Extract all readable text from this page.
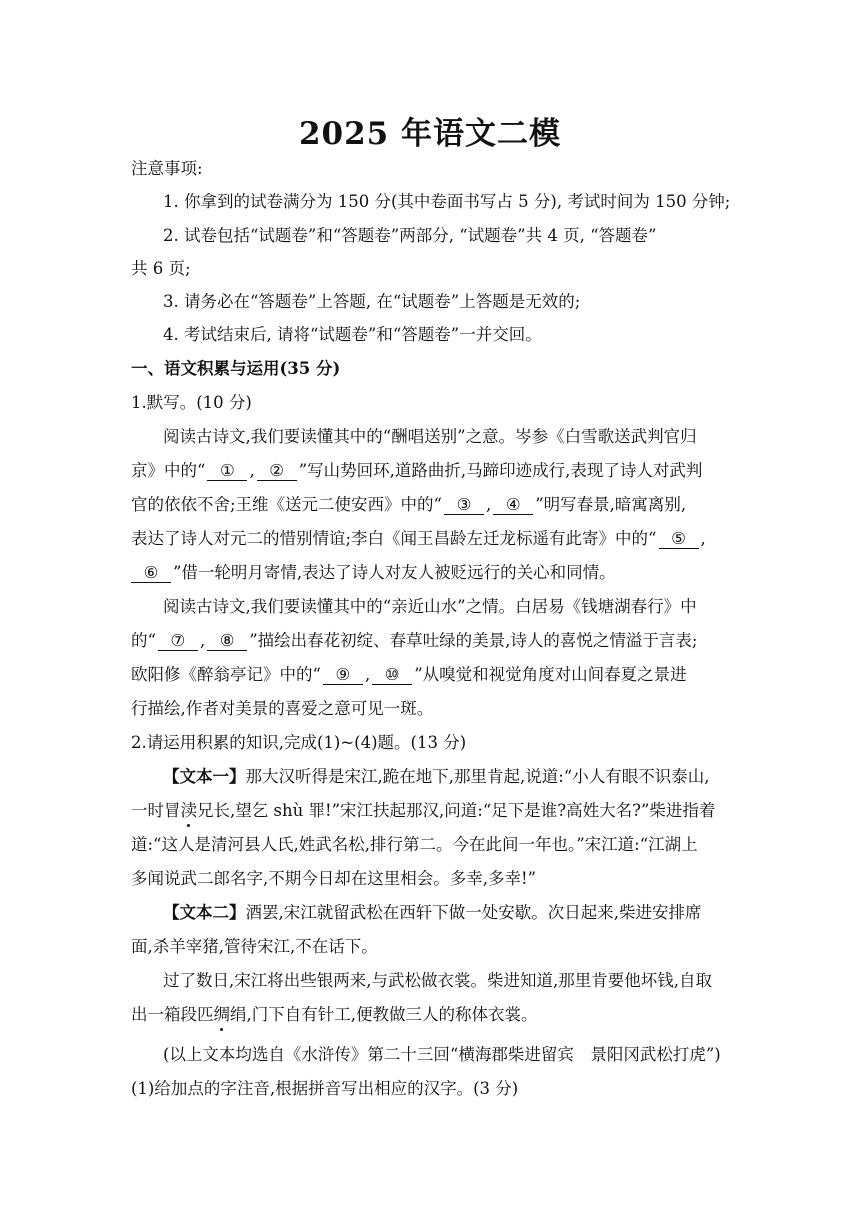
2025 年语文二模
注意事项:
1. 你拿到的试卷满分为 150 分(其中卷面书写占 5 分), 考试时间为 150 分钟;
2. 试卷包括“试题卷”和“答题卷”两部分, “试题卷”共 4 页, “答题卷”
共 6 页;
3. 请务必在“答题卷”上答题, 在“试题卷”上答题是无效的;
4. 考试结束后, 请将“试题卷”和“答题卷”一并交回。
一、语文积累与运用(35 分)
1.默写。(10 分)
阅读古诗文,我们要读懂其中的“酬唱送别”之意。岑参《白雪歌送武判官归
京》中的“ ① , ② ”写山势回环,道路曲折,马蹄印迹成行,表现了诗人对武判
官的依依不舍;王维《送元二使安西》中的“ ③ , ④ ”明写春景,暗寓离别,
表达了诗人对元二的惜别情谊;李白《闻王昌龄左迁龙标遥有此寄》中的“ ⑤ ,
⑥ ”借一轮明月寄情,表达了诗人对友人被贬远行的关心和同情。
阅读古诗文,我们要读懂其中的“亲近山水”之情。白居易《钱塘湖春行》中
的“ ⑦ , ⑧ ”描绘出春花初绽、春草吐绿的美景,诗人的喜悦之情溢于言表;
欧阳修《醉翁亭记》中的“ ⑨ , ⑩ ”从嗅觉和视觉角度对山间春夏之景进
行描绘,作者对美景的喜爱之意可见一斑。
2.请运用积累的知识,完成(1)~(4)题。(13 分)
【文本一】那大汉听得是宋江,跪在地下,那里肯起,说道:“小人有眼不识泰山,
一时冒渎兄长,望乞 shù 罪!”宋江扶起那汉,问道:“足下是谁?高姓大名?”柴进指着
道:“这人是清河县人氏,姓武名松,排行第二。今在此间一年也。”宋江道:“江湖上
多闻说武二郎名字,不期今日却在这里相会。多幸,多幸!”
【文本二】酒罢,宋江就留武松在西轩下做一处安歇。次日起来,柴进安排席
面,杀羊宰猪,管待宋江,不在话下。
过了数日,宋江将出些银两来,与武松做衣裳。柴进知道,那里肯要他坏钱,自取
出一箱段匹绸绢,门下自有针工,便教做三人的称体衣裳。
(以上文本均选自《水浒传》第二十三回“横海郡柴进留宾　景阳冈武松打虎”)
(1)给加点的字注音,根据拼音写出相应的汉字。(3 分)
